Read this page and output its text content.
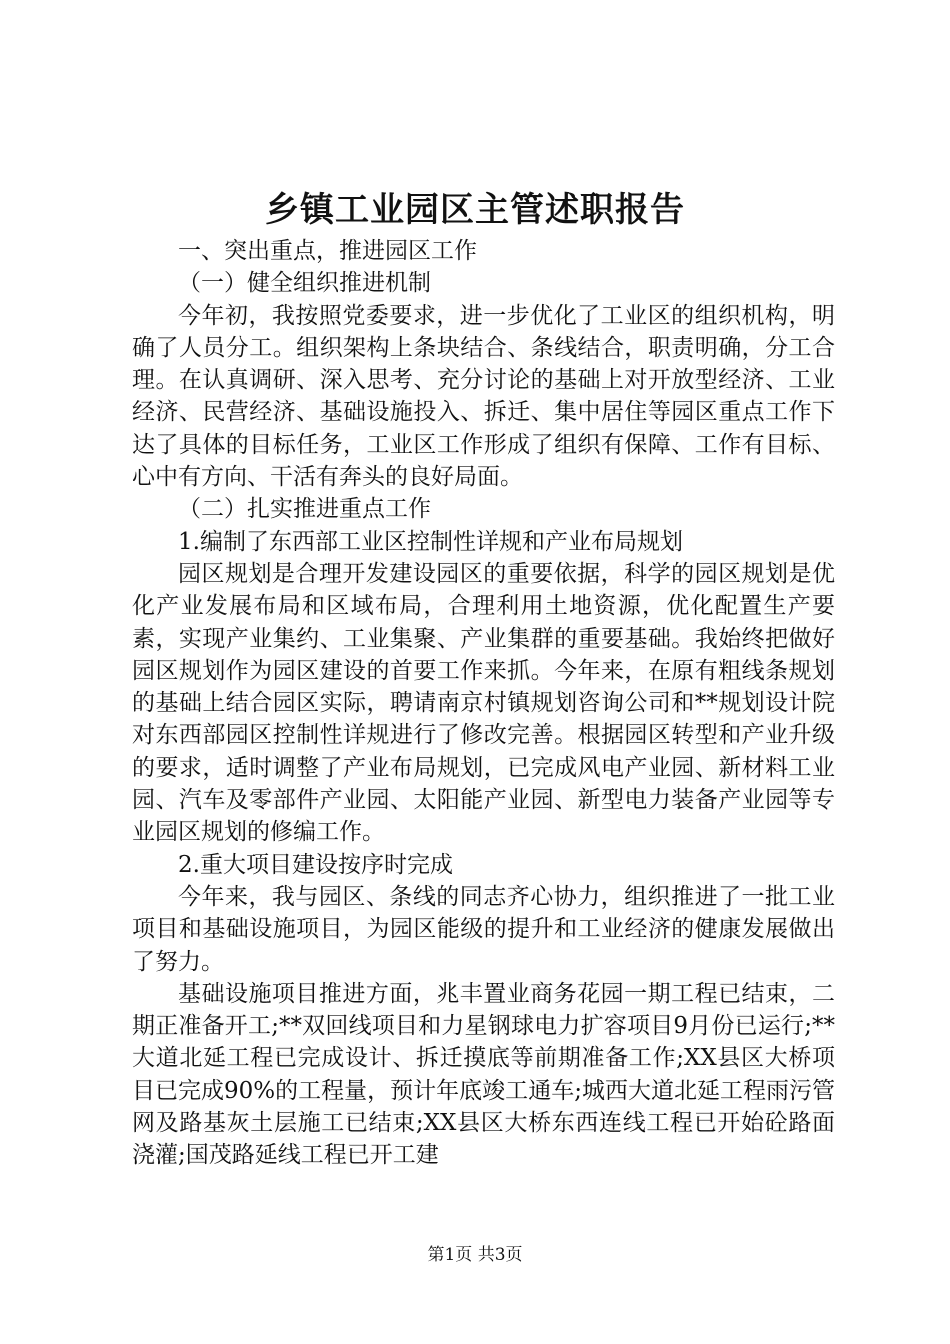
乡镇工业园区主管述职报告

一、突出重点，推进园区工作

（一）健全组织推进机制

今年初，我按照党委要求，进一步优化了工业区的组织机构，明确了人员分工。组织架构上条块结合、条线结合，职责明确，分工合理。在认真调研、深入思考、充分讨论的基础上对开放型经济、工业经济、民营经济、基础设施投入、拆迁、集中居住等园区重点工作下达了具体的目标任务，工业区工作形成了组织有保障、工作有目标、心中有方向、干活有奔头的良好局面。

（二）扎实推进重点工作

1.编制了东西部工业区控制性详规和产业布局规划

园区规划是合理开发建设园区的重要依据，科学的园区规划是优化产业发展布局和区域布局，合理利用土地资源，优化配置生产要素，实现产业集约、工业集聚、产业集群的重要基础。我始终把做好园区规划作为园区建设的首要工作来抓。今年来，在原有粗线条规划的基础上结合园区实际，聘请南京村镇规划咨询公司和**规划设计院对东西部园区控制性详规进行了修改完善。根据园区转型和产业升级的要求，适时调整了产业布局规划，已完成风电产业园、新材料工业园、汽车及零部件产业园、太阳能产业园、新型电力装备产业园等专业园区规划的修编工作。

2.重大项目建设按序时完成

今年来，我与园区、条线的同志齐心协力，组织推进了一批工业项目和基础设施项目，为园区能级的提升和工业经济的健康发展做出了努力。

基础设施项目推进方面，兆丰置业商务花园一期工程已结束，二期正准备开工;**双回线项目和力星钢球电力扩容项目9月份已运行;**大道北延工程已完成设计、拆迁摸底等前期准备工作;XX县区大桥项目已完成90%的工程量，预计年底竣工通车;城西大道北延工程雨污管网及路基灰土层施工已结束;XX县区大桥东西连线工程已开始砼路面浇灌;国茂路延线工程已开工建

第1页 共3页
